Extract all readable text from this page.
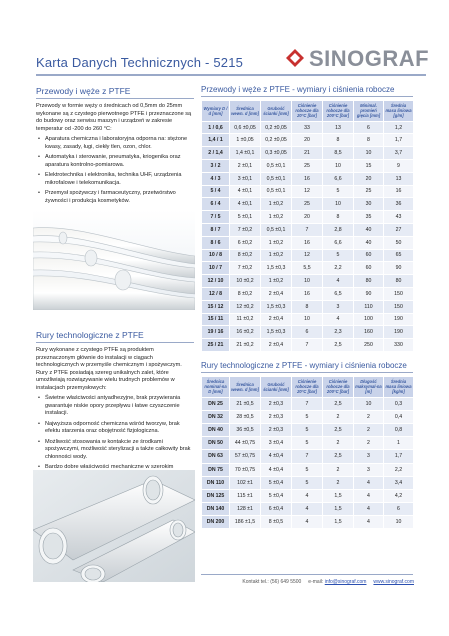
Karta Danych Technicznych - 5215	SINOGRAF
Przewody i węże z PTFE

Przewody w formie węży o średnicach od 0,5mm do 25mm wykonane są z czystego pierwotnego PTFE i przeznaczone są do budowy oraz serwisu maszyn i urządzeń w zakresie temperatur od -200 do 260 °C:

• Aparatura chemiczna i laboratoryjna odporna na: stężone kwasy, zasady, ługi, ciekły tlen, ozon, chlor.
• Automatyka i sterowanie, pneumatyka, kriogenika oraz aparatura kontrolno-pomiarowa.
• Elektrotechnika i elektronika, technika UHF, urządzenia mikrofalowe i telekomunikacja.
• Przemysł spożywczy i farmaceutyczny, przetwórstwo żywności i produkcja kosmetyków.
Rury technologiczne z PTFE

Rury wykonane z czystego PTFE są produktem przeznaczonym głównie do instalacji w ciągach technologicznych w przemyśle chemicznym i spożywczym. Rury z PTFE posiadają szereg unikalnych zalet, które umożliwiają rozwiązywanie wielu trudnych problemów w instalacjach przemysłowych:

• Świetne właściwości antyadhezyjne, brak przywierania gwarantuje niskie opory przepływu i łatwe czyszczenie instalacji.
• Najwyższa odporność chemiczna wśród tworzyw, brak efektu starzenia oraz obojętność fizjologiczna.
• Możliwość stosowania w kontakcie ze środkami spożywczymi, możliwość sterylizacji a także całkowity brak chłonności wody.
• Bardzo dobre właściwości mechaniczne w szerokim
Przewody i węże z PTFE - wymiary i ciśnienia robocze
Wymiary D / d [mm]	Średnica wewn. d [mm]	Grubość ścianki [mm]	Ciśnienie robocze dla 20°C [bar]	Ciśnienie robocze dla 200°C [bar]	Minimal. promień gięcia [mm]	Średnia masa liniowa [g/m]
1 / 0,6	0,6 ±0,05	0,2 ±0,05	33	13	6	1,2
1,4 / 1	1 ±0,05	0,2 ±0,05	20	8	8	1,7
2 / 1,4	1,4 ±0,1	0,3 ±0,05	21	8,5	10	3,7
3 / 2	2 ±0,1	0,5 ±0,1	25	10	15	9
4 / 3	3 ±0,1	0,5 ±0,1	16	6,6	20	13
5 / 4	4 ±0,1	0,5 ±0,1	12	5	25	16
6 / 4	4 ±0,1	1 ±0,2	25	10	30	36
7 / 5	5 ±0,1	1 ±0,2	20	8	35	43
8 / 7	7 ±0,2	0,5 ±0,1	7	2,8	40	27
8 / 6	6 ±0,2	1 ±0,2	16	6,6	40	50
10 / 8	8 ±0,2	1 ±0,2	12	5	60	65
10 / 7	7 ±0,2	1,5 ±0,3	5,5	2,2	60	90
12 / 10	10 ±0,2	1 ±0,2	10	4	80	80
12 / 8	8 ±0,2	2 ±0,4	16	6,5	90	150
15 / 12	12 ±0,2	1,5 ±0,3	8	3	110	150
15 / 11	11 ±0,2	2 ±0,4	10	4	100	190
19 / 16	16 ±0,2	1,5 ±0,3	6	2,3	160	190
25 / 21	21 ±0,2	2 ±0,4	7	2,5	250	330
Rury technologiczne z PTFE - wymiary i ciśnienia robocze
Średnica nominal-na D [mm]	Średnica wewn. d [mm]	Grubość ścianki [mm]	Ciśnienie robocze dla 20°C [bar]	Ciśnienie robocze dla 200°C [bar]	Długość maksymal-na [m]	Średnia masa liniowa [kg/m]
DN 25	21 ±0,5	2 ±0,3	7	2,5	10	0,3
DN 32	28 ±0,5	2 ±0,3	5	2	2	0,4
DN 40	36 ±0,5	2 ±0,3	5	2,5	2	0,8
DN 50	44 ±0,75	3 ±0,4	5	2	2	1
DN 63	57 ±0,75	4 ±0,4	7	2,5	3	1,7
DN 75	70 ±0,75	4 ±0,4	5	2	3	2,2
DN 110	102 ±1	5 ±0,4	5	2	4	3,4
DN 125	115 ±1	5 ±0,4	4	1,5	4	4,2
DN 140	128 ±1	6 ±0,4	4	1,5	4	6
DN 200	186 ±1,5	8 ±0,5	4	1,5	4	10
Kontakt tel.: (56) 649 5500 e-mail: info@sinograf.com www.sinograf.com
